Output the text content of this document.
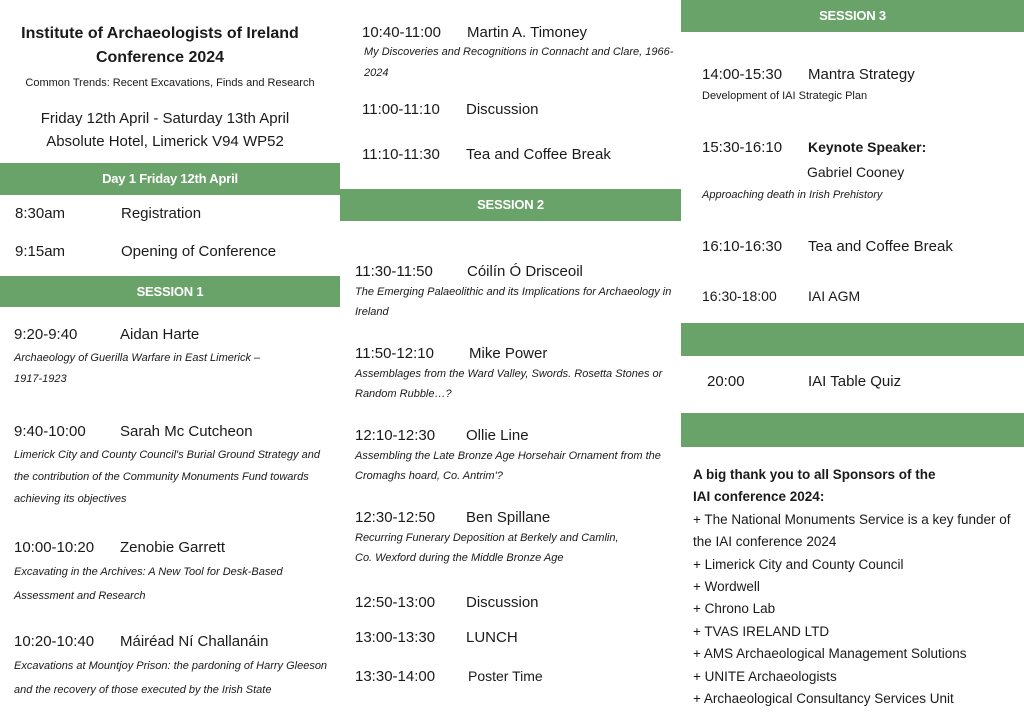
Institute of Archaeologists of Ireland
Conference 2024
Common Trends: Recent Excavations, Finds and Research
Friday 12th April - Saturday 13th April
Absolute Hotel, Limerick V94 WP52
Day 1 Friday 12th April
8:30am	Registration
9:15am	Opening of Conference
SESSION 1
9:20-9:40	Aidan Harte
Archaeology of Guerilla Warfare in East Limerick – 1917-1923
9:40-10:00 Sarah Mc Cutcheon
Limerick City and County Council's Burial Ground Strategy and the contribution of the Community Monuments Fund towards achieving its objectives
10:00-10:20 Zenobie Garrett
Excavating in the Archives: A New Tool for Desk-Based Assessment and Research
10:20-10:40 Máiréad Ní Challanáin
Excavations at Mountjoy Prison: the pardoning of Harry Gleeson and the recovery of those executed by the Irish State
10:40-11:00 Martin A. Timoney
My Discoveries and Recognitions in Connacht and Clare, 1966-2024
11:00-11:10 Discussion
11:10-11:30 Tea and Coffee Break
SESSION 2
11:30-11:50 Cóilín Ó Drisceoil
The Emerging Palaeolithic and its Implications for Archaeology in Ireland
11:50-12:10 Mike Power
Assemblages from the Ward Valley, Swords. Rosetta Stones or Random Rubble…?
12:10-12:30 Ollie Line
Assembling the Late Bronze Age Horsehair Ornament from the Cromaghs hoard, Co. Antrim'?
12:30-12:50 Ben Spillane
Recurring Funerary Deposition at Berkely and Camlin,
Co. Wexford during the Middle Bronze Age
12:50-13:00 Discussion
13:00-13:30 LUNCH
13:30-14:00 Poster Time
SESSION 3
14:00-15:30 Mantra Strategy
Development of IAI Strategic Plan
15:30-16:10 Keynote Speaker:
Gabriel Cooney
Approaching death in Irish Prehistory
16:10-16:30 Tea and Coffee Break
16:30-18:00 IAI AGM
20:00	IAI Table Quiz
A big thank you to all Sponsors of the
IAI conference 2024:
+ The National Monuments Service is a key funder of the IAI conference 2024
+ Limerick City and County Council
+ Wordwell
+ Chrono Lab
+ TVAS IRELAND LTD
+ AMS Archaeological Management Solutions
+ UNITE Archaeologists
+ Archaeological Consultancy Services Unit
